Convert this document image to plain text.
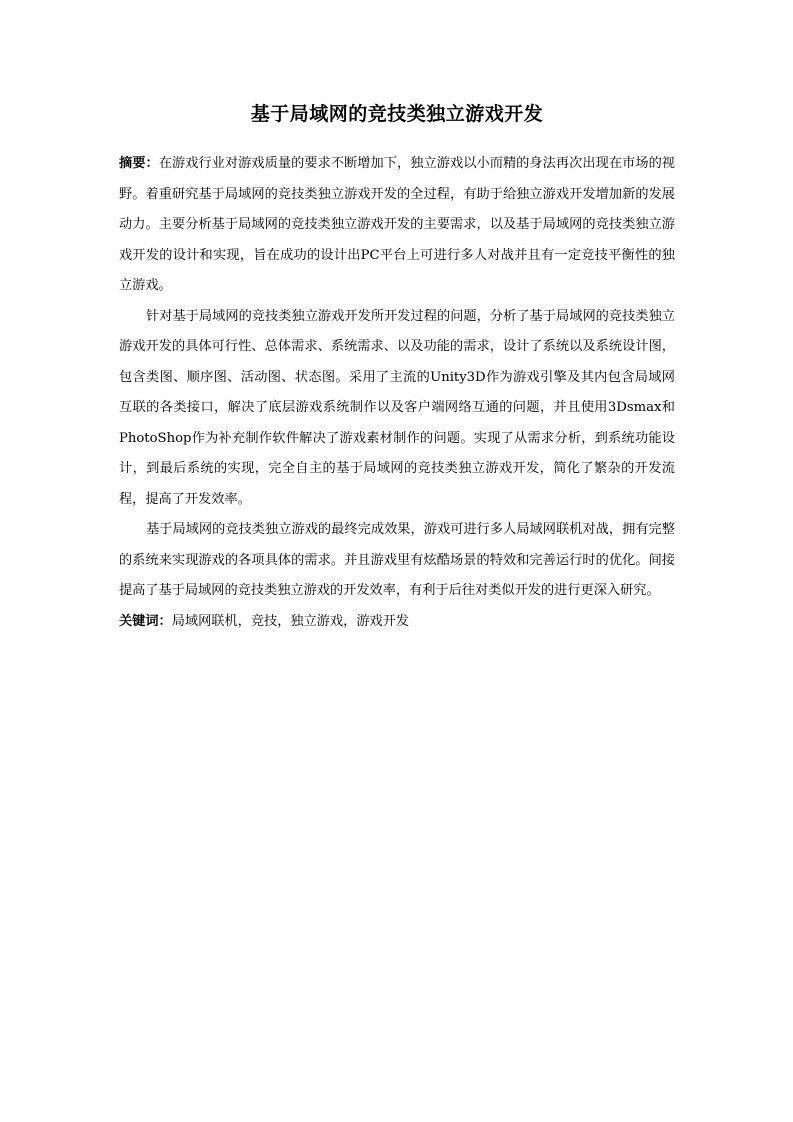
基于局域网的竞技类独立游戏开发

摘要：在游戏行业对游戏质量的要求不断增加下，独立游戏以小而精的身法再次出现在市场的视野。着重研究基于局域网的竞技类独立游戏开发的全过程，有助于给独立游戏开发增加新的发展动力。主要分析基于局域网的竞技类独立游戏开发的主要需求，以及基于局域网的竞技类独立游戏开发的设计和实现，旨在成功的设计出PC平台上可进行多人对战并且有一定竞技平衡性的独立游戏。

针对基于局域网的竞技类独立游戏开发所开发过程的问题，分析了基于局域网的竞技类独立游戏开发的具体可行性、总体需求、系统需求、以及功能的需求，设计了系统以及系统设计图，包含类图、顺序图、活动图、状态图。采用了主流的Unity3D作为游戏引擎及其内包含局域网互联的各类接口，解决了底层游戏系统制作以及客户端网络互通的问题，并且使用3Dsmax和PhotoShop作为补充制作软件解决了游戏素材制作的问题。实现了从需求分析，到系统功能设计，到最后系统的实现，完全自主的基于局域网的竞技类独立游戏开发，简化了繁杂的开发流程，提高了开发效率。

基于局域网的竞技类独立游戏的最终完成效果，游戏可进行多人局域网联机对战，拥有完整的系统来实现游戏的各项具体的需求。并且游戏里有炫酷场景的特效和完善运行时的优化。间接提高了基于局域网的竞技类独立游戏的开发效率，有利于后往对类似开发的进行更深入研究。

关键词：局域网联机，竞技，独立游戏，游戏开发
